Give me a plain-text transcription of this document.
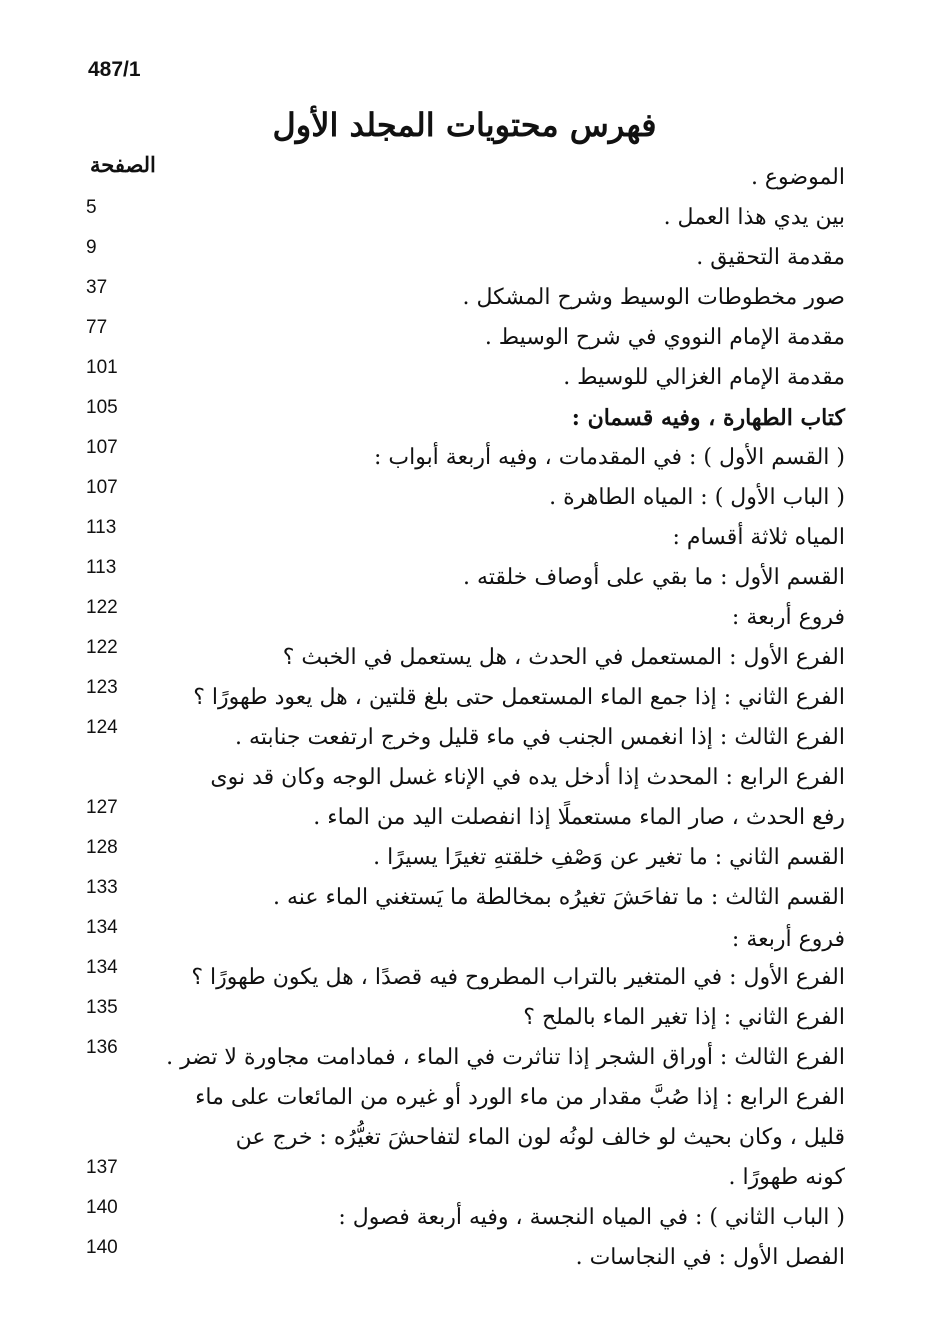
487/1
فهرس محتويات المجلد الأول
الصفحة
الموضوع .
بين يدي هذا العمل .
مقدمة التحقيق .
صور مخطوطات الوسيط وشرح المشكل .
مقدمة الإمام النووي في شرح الوسيط .
مقدمة الإمام الغزالي للوسيط .
كتاب الطهارة ، وفيه قسمان :
( القسم الأول ) : في المقدمات ، وفيه أربعة أبواب :
( الباب الأول ) : المياه الطاهرة .
المياه ثلاثة أقسام :
القسم الأول : ما بقي على أوصاف خلقته .
فروع أربعة :
الفرع الأول : المستعمل في الحدث ، هل يستعمل في الخبث ؟
الفرع الثاني : إذا جمع الماء المستعمل حتى بلغ قلتين ، هل يعود طهورًا ؟
الفرع الثالث : إذا انغمس الجنب في ماء قليل وخرج ارتفعت جنابته .
الفرع الرابع : المحدث إذا أدخل يده في الإناء غسل الوجه وكان قد نوى
رفع الحدث ، صار الماء مستعملًا إذا انفصلت اليد من الماء .
القسم الثاني : ما تغير عن وَصْفِ خلقتهِ تغيرًا يسيرًا .
القسم الثالث : ما تفاحَشَ تغيرُه بمخالطة ما يَستغني الماء عنه .
فروع أربعة :
الفرع الأول : في المتغير بالتراب المطروح فيه قصدًا ، هل يكون طهورًا ؟
الفرع الثاني : إذا تغير الماء بالملح ؟
الفرع الثالث : أوراق الشجر إذا تناثرت في الماء ، فمادامت مجاورة لا تضر .
الفرع الرابع : إذا صُبَّ مقدار من ماء الورد أو غيره من المائعات على ماء
قليل ، وكان بحيث لو خالف لونُه لون الماء لتفاحشَ تغيُّرُه : خرج عن
كونه طهورًا .
( الباب الثاني ) : في المياه النجسة ، وفيه أربعة فصول :
الفصل الأول : في النجاسات .
5
9
37
77
101
105
107
107
113
113
122
122
123
124
127
128
133
134
134
135
136
137
140
140
